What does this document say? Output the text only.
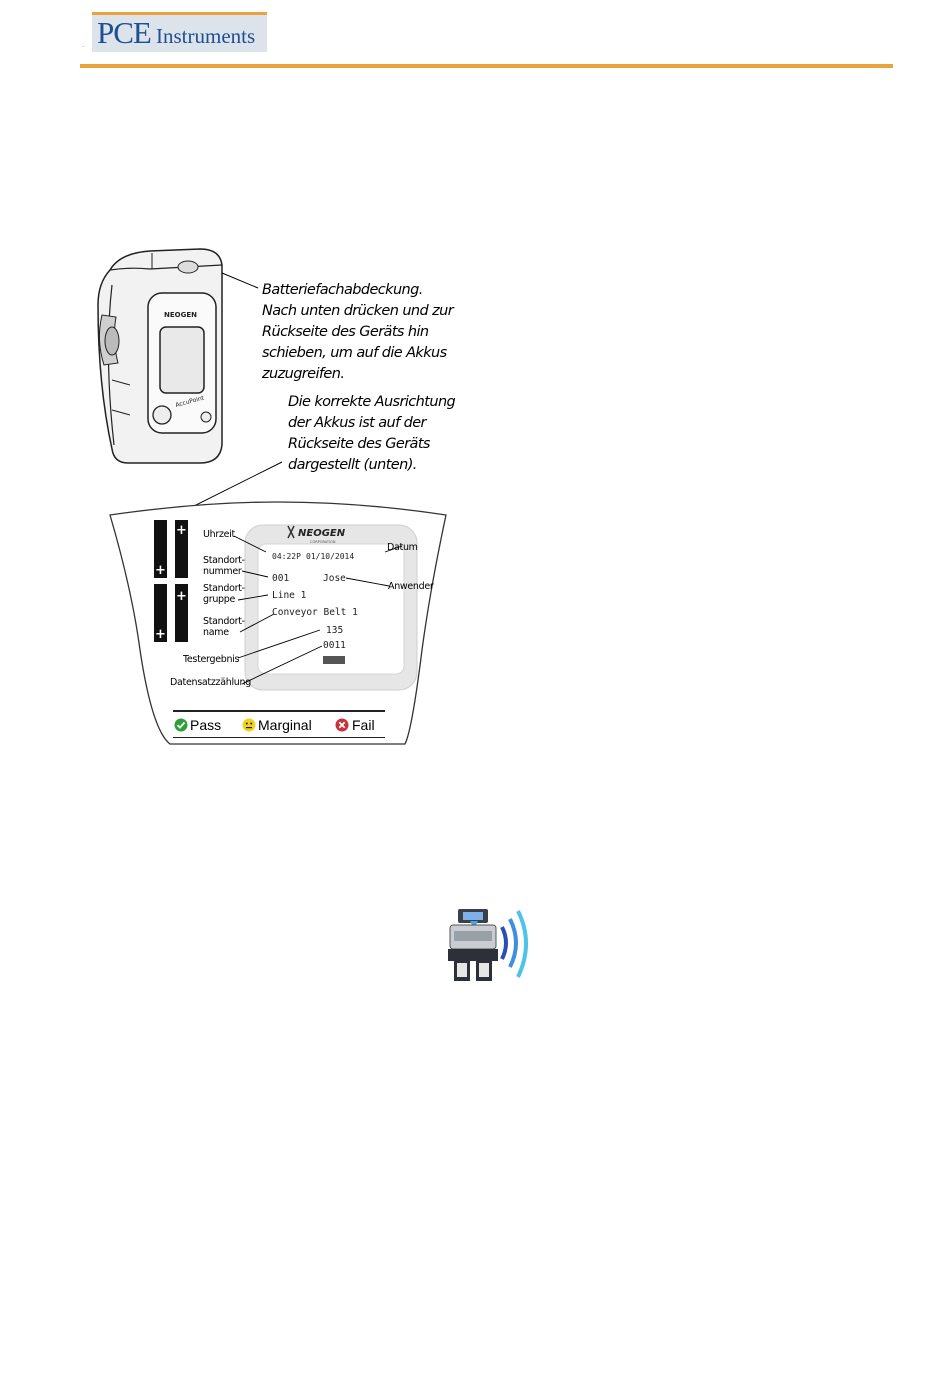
PCE Instruments
.
NEOGEN
AccuPoint
Batteriefachabdeckung.
Nach unten drücken und zur
Rückseite des Geräts hin
schieben, um auf die Akkus
zuzugreifen.
Die korrekte Ausrichtung
der Akkus ist auf der
Rückseite des Geräts
dargestellt (unten).
+
+
+
+
NEOGEN
CORPORATION
04:22P 01/10/2014
001	Jose
Line 1
Conveyor Belt 1
135
0011
Uhrzeit
Standort-
nummer
Standort-
gruppe
Standort-
name
Testergebnis
Datensatzzählung
Datum
Anwender
Pass	Marginal	Fail
